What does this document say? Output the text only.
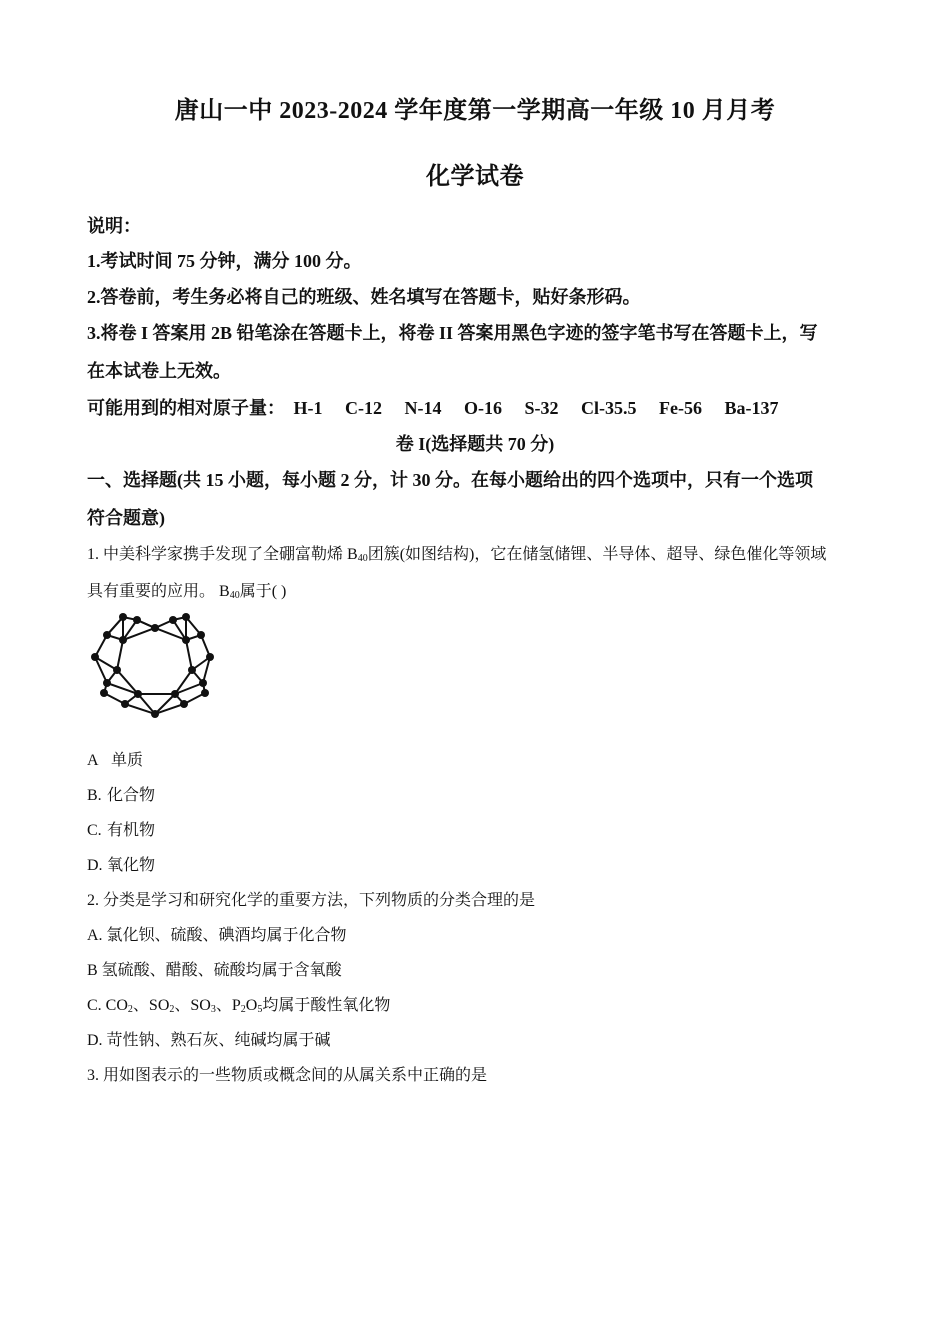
唐山一中 2023-2024 学年度第一学期高一年级 10 月月考
化学试卷
说明：
1.考试时间 75 分钟，满分 100 分。
2.答卷前，考生务必将自己的班级、姓名填写在答题卡，贴好条形码。
3.将卷 I 答案用 2B 铅笔涂在答题卡上，将卷 II 答案用黑色字迹的签字笔书写在答题卡上，写
在本试卷上无效。
可能用到的相对原子量： H-1 C-12 N-14 O-16 S-32 Cl-35.5 Fe-56 Ba-137
卷 I(选择题共 70 分)
一、选择题(共 15 小题，每小题 2 分，计 30 分。在每小题给出的四个选项中，只有一个选项
符合题意)
1. 中美科学家携手发现了全硼富勒烯 $B_{40}$团簇(如图结构)，它在储氢储锂、半导体、超导、绿色催化等领域
具有重要的应用。 $B_{40}$属于( )
A 单质
B. 化合物
C. 有机物
D. 氧化物
2. 分类是学习和研究化学的重要方法，下列物质的分类合理的是
A. 氯化钡、硫酸、碘酒均属于化合物
B 氢硫酸、醋酸、硫酸均属于含氧酸
C. $CO_2$、$SO_2$、$SO_3$、$P_2O_5$均属于酸性氧化物
D. 苛性钠、熟石灰、纯碱均属于碱
3. 用如图表示的一些物质或概念间的从属关系中正确的是
